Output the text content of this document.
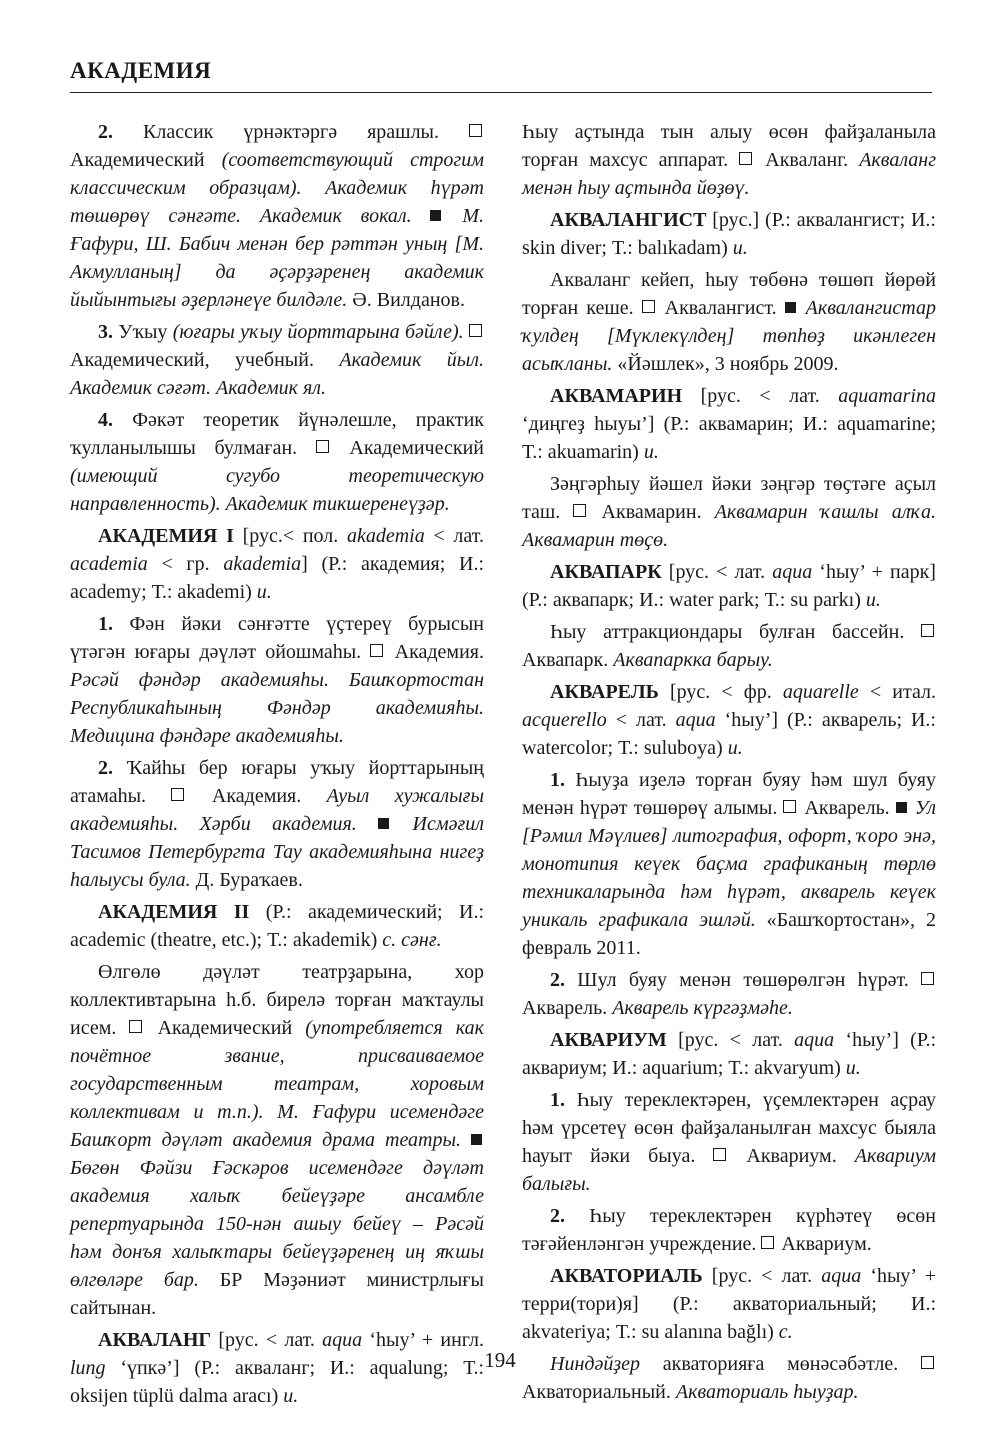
АКАДЕМИЯ

2. Классик үрнәктәргә ярашлы.  Академический (соответствующий строгим классическим образцам). Академик һүрәт төшөрөү сәнғәте. Академик вокал.  М. Ғафури, Ш. Бабич менән бер рәттән уның [М. Акмулланың] да әҫәрҙәренең академик йыйынтығы әҙерләнеүе билдәле. Ә. Вилданов.

3. Уҡыу (юғары уҡыу йорттарына бәйле).  Академический, учебный. Академик йыл. Академик сәғәт. Академик ял.

4. Фәкәт теоретик йүнәлешле, практик ҡулланылышы булмаған.  Академический (имеющий сугубо теоретическую направленность). Академик тикшеренеүҙәр.

АКАДЕМИЯ I [рус.< пол. akademia < лат. academia < гр. akademia] (Р.: академия; И.: academy; Т.: akademi) и.

1. Фән йәки сәнғәтте үҫтереү бурысын үтәгән юғары дәүләт ойошмаһы.  Академия. Рәсәй фәндәр академияһы. Башҡортостан Республикаһының Фәндәр академияһы. Медицина фәндәре академияһы.

2. Ҡайһы бер юғары уҡыу йорттарының атамаһы.  Академия. Ауыл хужалығы академияһы. Хәрби академия.  Исмәғил Тасимов Петербургта Тау академияһына нигеҙ һалыусы була. Д. Бураҡаев.

АКАДЕМИЯ II (Р.: академический; И.: academic (theatre, etc.); Т.: akademik) с. сәнғ.

Өлгөлө дәүләт театрҙарына, хор коллективтарына һ.б. бирелә торған маҡтаулы исем.  Академический (употребляется как почётное звание, присваиваемое государственным театрам, хоровым коллективам и т.п.). М. Ғафури исемендәге Башҡорт дәүләт академия драма театры.  Бөгөн Фәйзи Ғәскәров исемендәге дәүләт академия халыҡ бейеүҙәре ансамбле репертуарында 150-нән ашыу бейеү – Рәсәй һәм донъя халыҡтары бейеүҙәренең иң яҡшы өлгөләре бар. БР Мәҙәниәт министрлығы сайтынан.

АКВАЛАНГ [рус. < лат. aqua ‘һыу’ + ингл. lung ‘үпкә’] (Р.: акваланг; И.: aqualung; Т.: oksijen tüplü dalma aracı) и.

Һыу аҫтында тын алыу өсөн файҙаланыла торған махсус аппарат.  Акваланг. Акваланг менән һыу аҫтында йөҙөү.

АКВАЛАНГИСТ [рус.] (Р.: аквалангист; И.: skin diver; Т.: balıkadam) и.

Акваланг кейеп, һыу төбөнә төшөп йөрөй торған кеше.  Аквалангист.  Аквалангистар ҡулдең [Мүклекүлдең] төпһөҙ икәнлеген асыҡланы. «Йәшлек», 3 ноябрь 2009.

АКВАМАРИН [рус. < лат. aquamarina ‘диңгеҙ һыуы’] (Р.: аквамарин; И.: aquamarine; Т.: akuamarin) и.

Зәңгәрһыу йәшел йәки зәңгәр төҫтәге аҫыл таш.  Аквамарин. Аквамарин ҡашлы алҡа. Аквамарин төҫө.

АКВАПАРК [рус. < лат. aqua ‘һыу’ + парк] (Р.: аквапарк; И.: water park; Т.: su parkı) и.

Һыу аттракциондары булған бассейн.  Аквапарк. Аквапаркка барыу.

АКВАРЕЛЬ [рус. < фр. aquarelle < итал. acquerello < лат. aqua ‘һыу’] (Р.: акварель; И.: watercolor; Т.: suluboya) и.

1. Һыуҙа иҙелә торған буяу һәм шул буяу менән һүрәт төшөрөү алымы.  Акварель.  Ул [Рәмил Мәүлиев] литография, офорт, ҡоро энә, монотипия кеүек баҫма графиканың төрлө техникаларында һәм һүрәт, акварель кеүек уникаль графикала эшләй. «Башҡортостан», 2 февраль 2011.

2. Шул буяу менән төшөрөлгән һүрәт.  Акварель. Акварель күргәҙмәһе.

АКВАРИУМ [рус. < лат. aqua ‘һыу’] (Р.: аквариум; И.: aquarium; Т.: akvaryum) и.

1. Һыу тереклектәрен, үҫемлектәрен аҫрау һәм үрсетеү өсөн файҙаланылған махсус быяла һауыт йәки быуа.  Аквариум. Аквариум балығы.

2. Һыу тереклектәрен күрһәтеү өсөн тәғәйенләнгән учреждение.  Аквариум.

АКВАТОРИАЛЬ [рус. < лат. aqua ‘һыу’ + терри(тори)я] (Р.: акваториальный; И.: akvateriya; Т.: su alanına bağlı) с.

Ниндәйҙер акваторияға мөнәсәбәтле.  Акваториальный. Акваториаль һыуҙар.

194
